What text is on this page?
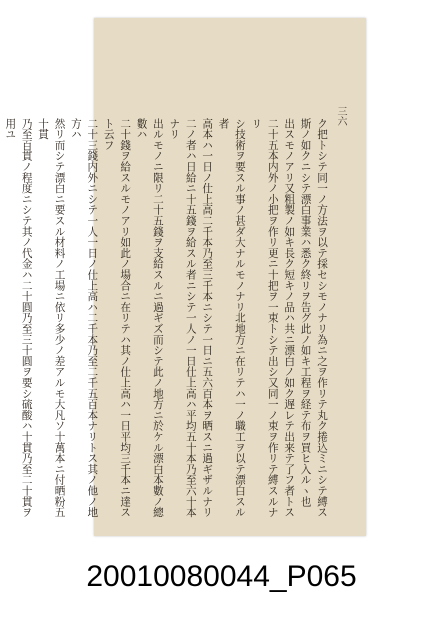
三六

ク把トシテ同一ノ方法ヲ以テ採セシモノナリ為ニ之ヲ作リテ丸ク捲込ミニシテ縛ス

斯ノ如クニシテ漂白事業ハ悉ク終リヲ告グ此ノ如キ工程ヲ経テ布ヲ買ヒ入ルヽ也

出スモノアリ又粗製ノ如キ長ク短キノ品ハ共ニ漂白ノ如ク遅レテ出来テ了フ者トス

二十五本内外ノ小把ヲ作リ更ニ十把ヲ一束トシテ出シ又同一ノ束ヲ作リテ縛スルナリ

シ技術ヲ要スル事ノ甚ダ大ナルモノナリ北地方ニ在リテハ一ノ職工ヲ以テ漂白スル者

高本ハ一日ノ仕上高二千本乃至三千本ニシテ一日ニ五六百本ヲ晒スニ過ギザルナリ

二ノ者ハ日給ニ十五錢ヲ給スル者ニシテ一人ノ一日仕上高ハ平均五十本乃至六十本ナリ

出ルモノニ限リ二十五錢ヲ支給スルニ過ギズ而シテ此ノ地方ニ於ケル漂白本數ノ總數ハ

二十錢ヲ給スルモノアリ如此ノ場合ニ在リテハ其ノ仕上高ハ一日平均三千本ニ達スト云フ

二十三錢内外ニシテ一人一日ノ仕上高ハ二千本乃至二千五百本ナリトス其ノ他ノ地方ハ

然リ而シテ漂白ニ要スル材料ノ工場ニ依リ多少ノ差アルモ大凡ソ十萬本ニ付晒粉五十貫

乃至百貫ノ程度ニシテ其ノ代金ハ二十圓乃至三十圓ヲ要シ硫酸ハ十貫乃至二十貫ヲ用ユ

20010080044_P065
